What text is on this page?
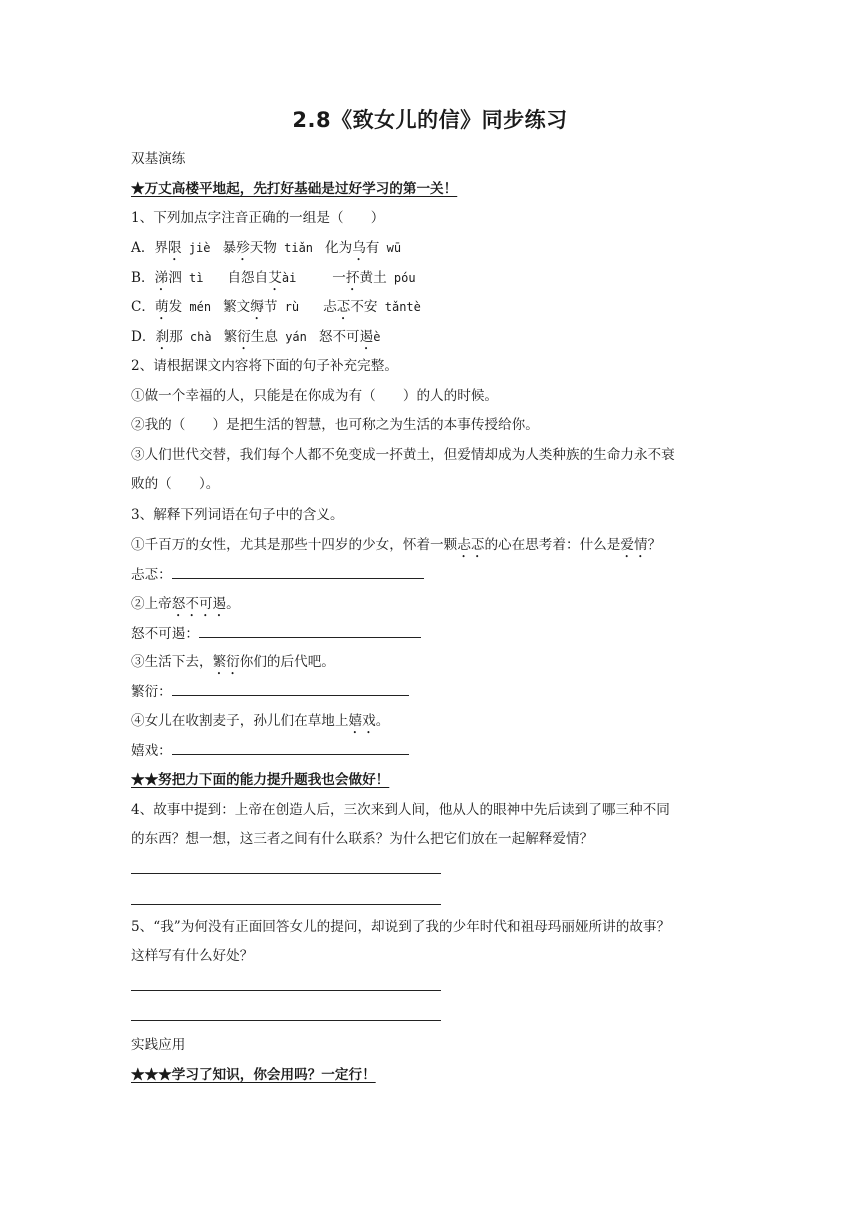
2.8《致女儿的信》同步练习
双基演练
★万丈高楼平地起，先打好基础是过好学习的第一关！
1、下列加点字注音正确的一组是（　　）
A．界限 jiè　暴殄天物 tiǎn　化为乌有 wū
B．涕泗 tì　　自怨自艾ài　　　一抔黄土 póu
C．萌发 mén　繁文缛节 rù　　忐忑不安 tǎntè
D．刹那 chà　繁衍生息 yán　怒不可遏è
2、请根据课文内容将下面的句子补充完整。
①做一个幸福的人，只能是在你成为有（　　）的人的时候。
②我的（　　）是把生活的智慧，也可称之为生活的本事传授给你。
③人们世代交替，我们每个人都不免变成一抔黄土，但爱情却成为人类种族的生命力永不衰
败的（　　）。
3、解释下列词语在句子中的含义。
①千百万的女性，尤其是那些十四岁的少女，怀着一颗忐忑的心在思考着：什么是爱情？
忐忑：
②上帝怒不可遏。
怒不可遏：
③生活下去，繁衍你们的后代吧。
繁衍：
④女儿在收割麦子，孙儿们在草地上嬉戏。
嬉戏：
★★努把力下面的能力提升题我也会做好！
4、故事中提到：上帝在创造人后，三次来到人间，他从人的眼神中先后读到了哪三种不同
的东西？想一想，这三者之间有什么联系？为什么把它们放在一起解释爱情？
5、“我”为何没有正面回答女儿的提问，却说到了我的少年时代和祖母玛丽娅所讲的故事？
这样写有什么好处？
实践应用
★★★学习了知识，你会用吗？一定行！
